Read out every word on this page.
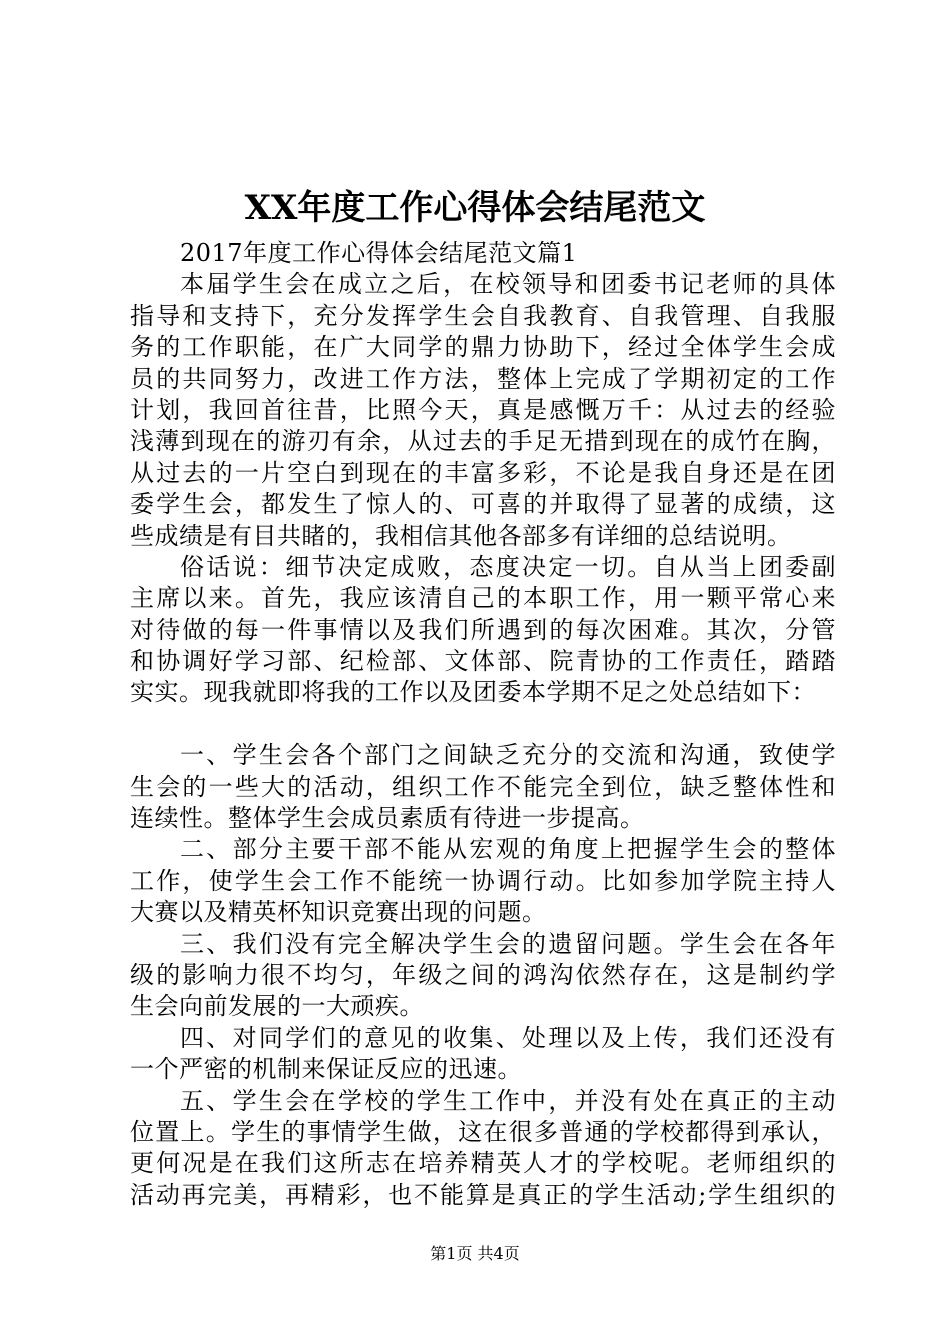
XX年度工作心得体会结尾范文
2017年度工作心得体会结尾范文篇1
本届学生会在成立之后，在校领导和团委书记老师的具体
指导和支持下，充分发挥学生会自我教育、自我管理、自我服
务的工作职能，在广大同学的鼎力协助下，经过全体学生会成
员的共同努力，改进工作方法，整体上完成了学期初定的工作
计划，我回首往昔，比照今天，真是感慨万千：从过去的经验
浅薄到现在的游刃有余，从过去的手足无措到现在的成竹在胸，
从过去的一片空白到现在的丰富多彩，不论是我自身还是在团
委学生会，都发生了惊人的、可喜的并取得了显著的成绩，这
些成绩是有目共睹的，我相信其他各部多有详细的总结说明。
俗话说：细节决定成败，态度决定一切。自从当上团委副
主席以来。首先，我应该清自己的本职工作，用一颗平常心来
对待做的每一件事情以及我们所遇到的每次困难。其次，分管
和协调好学习部、纪检部、文体部、院青协的工作责任，踏踏
实实。现我就即将我的工作以及团委本学期不足之处总结如下：
一、学生会各个部门之间缺乏充分的交流和沟通，致使学
生会的一些大的活动，组织工作不能完全到位，缺乏整体性和
连续性。整体学生会成员素质有待进一步提高。
二、部分主要干部不能从宏观的角度上把握学生会的整体
工作，使学生会工作不能统一协调行动。比如参加学院主持人
大赛以及精英杯知识竞赛出现的问题。
三、我们没有完全解决学生会的遗留问题。学生会在各年
级的影响力很不均匀，年级之间的鸿沟依然存在，这是制约学
生会向前发展的一大顽疾。
四、对同学们的意见的收集、处理以及上传，我们还没有
一个严密的机制来保证反应的迅速。
五、学生会在学校的学生工作中，并没有处在真正的主动
位置上。学生的事情学生做，这在很多普通的学校都得到承认，
更何况是在我们这所志在培养精英人才的学校呢。老师组织的
活动再完美，再精彩，也不能算是真正的学生活动;学生组织的
第1页 共4页
